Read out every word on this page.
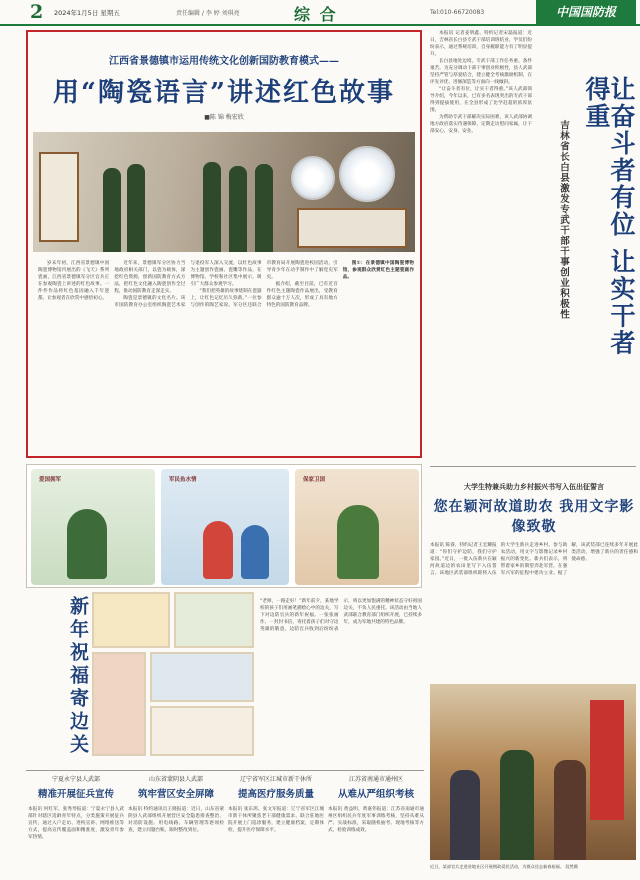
2 2024年1月5日 星期五	责任编辑 / 李 婷 刘琪亮	综 合	Tel:010-66720083	中国国防报
江西省景德镇市运用传统文化创新国防教育模式——
用“陶瓷语言”讲述红色故事
■陈 锦 梅宏欣

岁末年初，江西省景德镇中国陶瓷博物馆内展出的《飞天》系列瓷画，江西省景德镇军分区官兵正在参观陶瓷上讲述的红色故事。一件件作品将红色基因融入千年瓷都，让参观者在欣赏中感悟初心。

近年来，景德镇军分区协力当地政府相关部门，以瓷为载体，深挖红色资源，创新国防教育方式方法，把红色文化融入陶瓷创作全过程，推动国防教育走深走实。

陶瓷是景德镇的文化名片。该市国防教育办公室组织陶瓷艺术家与退役军人深入交流，以红色故事为主题创作瓷画、瓷雕等作品，在博物馆、学校和社区集中展示，吸引广大群众参观学习。

“我们把英雄的故事烧制在瓷器上，让红色记忆历久弥新。”一位参与创作的陶艺家说。军分区还联合市教育局开展陶瓷进校园活动，引导青少年在动手制作中了解党史军史。

据介绍，截至目前，已有近百件红色主题陶瓷作品展出，受教育群众逾十万人次，形成了具有地方特色的国防教育品牌。

图①：在景德镇中国陶瓷博物馆，参观群众欣赏红色主题瓷画作品。

本报讯 记者姜明鑫、特约记者宋磊报道：近日，吉林省长白县专武干部培训班结业，学员们纷纷表示，通过系统培训，自身履职能力有了明显提升。

长白县地处边境，专武干部工作任务重、条件艰苦。为充分调动干部干事创业积极性，县人武部坚持严管与厚爱结合，建立健全考核激励机制，在评先评优、进修深造等方面向一线倾斜。

“让奋斗者有位，让实干者得重。”该人武部领导介绍，今年以来，已有多名表现突出的专武干部得到提拔使用，在全县形成了比学赶超的浓厚氛围。

为帮助专武干部解决实际困难，该人武部协调地方政府落实待遇保障，定期走访慰问家属，让干部安心、安身、安业。	让奋斗者有位 让实干者得重
吉林省长白县激发专武干部干事创业积极性
大学生特兼兵助力乡村振兴书写入伍出征誓言
您在颖河故道助农 我用文字影像致敬
本报讯 陈睿、特约记者王宏耀报道：“你们守护边防，我们守护家园。”近日，一批入伍新兵在颖河故道边的农田里写下入伍誓言。该地区武装部组织即将入伍的大学生新兵走进乡村，参与助农活动，用文字与影像记录乡村振兴的新变化。新兵们表示，将带着家乡的期望奔赴军营，在强军兴军的征程中建功立业。据了解，该武装部已连续多年开展此类活动，增强了新兵的责任感和使命感。
近日，某部官兵走进驻地社区开展拥政爱民活动，为群众送去新春祝福。 段然摄
爱国拥军	军民鱼水情	保家卫国
新年祝福寄边关	“老师，一路走好！”新年前夕，某地学校的孩子们用画笔描绘心中的边关，写下对边防官兵的新年祝福。一张张画作、一封封书信，寄托着孩子们对守边英雄的敬意。边防官兵收到后纷纷表示，将以更加饱满的精神状态守好祖国边关，不负人民重托。该活动由当地人武部联合教育部门组织开展，已持续多年，成为军地共建的特色品牌。
宁夏永宁县人武部
精准开展征兵宣传
本报讯 何红军、张秀琴报道：宁夏永宁县人武部针对辖区适龄青年特点，分类施策开展征兵宣传，通过入户走访、进校宣讲、网络推送等方式，提高宣传覆盖面和精准度，激发青年参军热情。
山东省蒙阴县人武部
筑牢营区安全屏障
本报讯 特约通讯员王晓报道：近日，山东省蒙阴县人武部组织开展营区安全隐患排查整治，对消防设施、用电线路、车辆管理等逐项检查，建立问题台账，限时整改到位。
辽宁省军区江城市新干休所
提高医疗服务质量
本报讯 张东鸿、张文军报道：辽宁省军区江城市新干休所聚焦老干部健康需求，联合驻地医院开展上门巡诊服务，建立健康档案，定期体检，提升医疗保障水平。
江苏省南通市通州区
从难从严组织考核
本报讯 黄益明、黄嘉伟报道：江苏省南通市通州区组织民兵年度军事训练考核，坚持从难从严、实战标准，采取随机抽考、现地考核等方式，检验训练成效。
